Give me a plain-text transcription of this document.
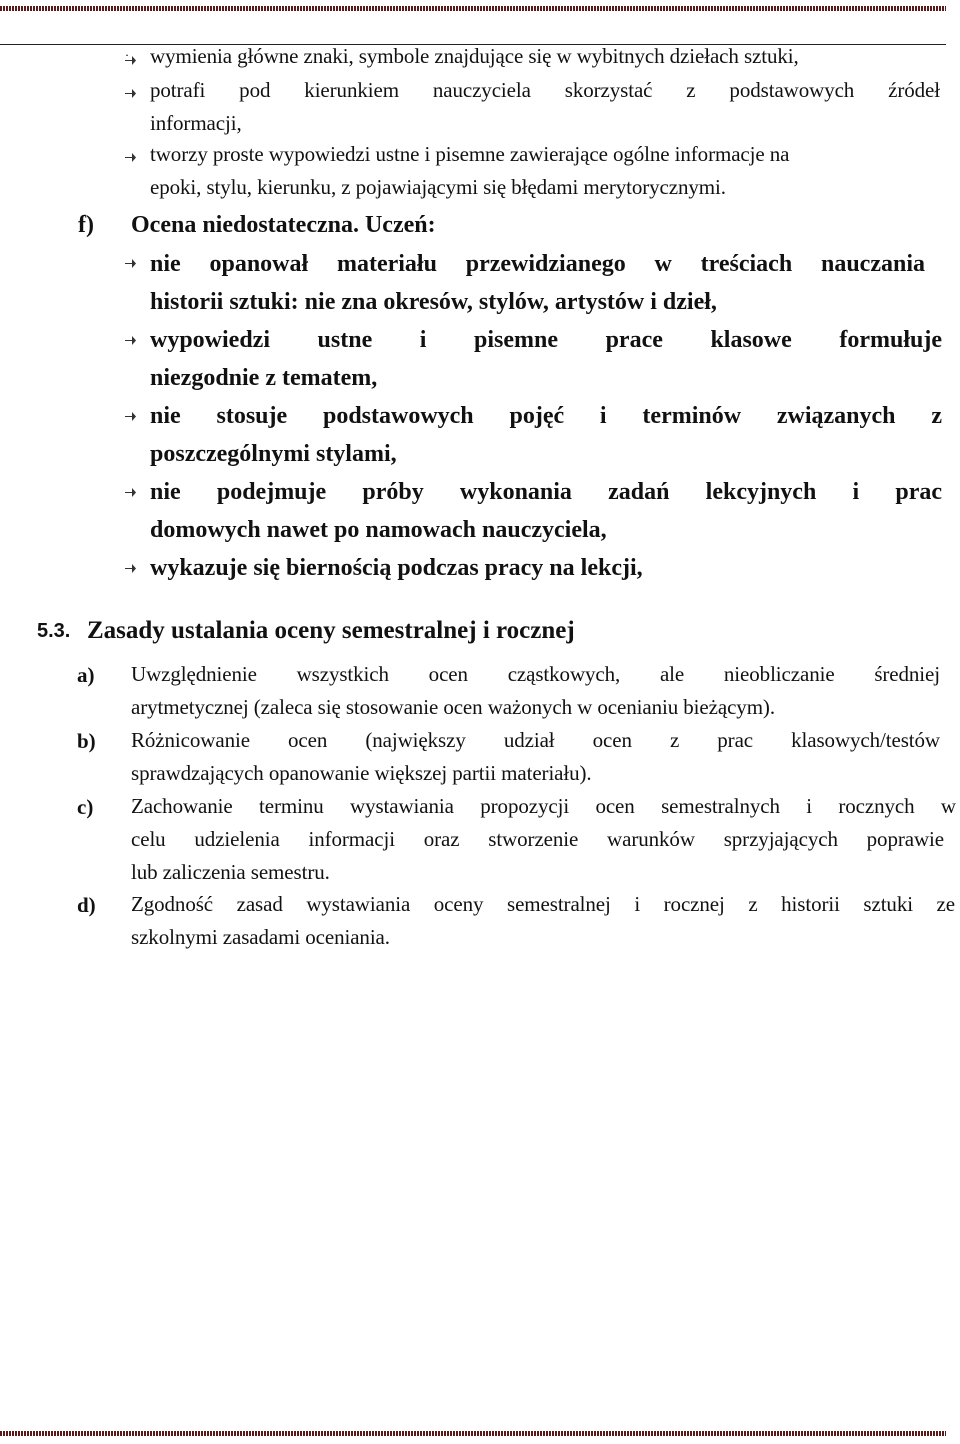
wymienia główne znaki, symbole znajdujące się w wybitnych dziełach sztuki,
potrafi pod kierunkiem nauczyciela skorzystać z podstawowych źródeł
informacji,
tworzy proste wypowiedzi ustne i pisemne zawierające ogólne informacje na
epoki, stylu, kierunku, z pojawiającymi się błędami merytorycznymi.
f) Ocena niedostateczna. Uczeń:
nie opanował materiału przewidzianego w treściach nauczania
historii sztuki: nie zna okresów, stylów, artystów i dzieł,
wypowiedzi ustne i pisemne prace klasowe formułuje
niezgodnie z tematem,
nie stosuje podstawowych pojęć i terminów związanych z
poszczególnymi stylami,
nie podejmuje próby wykonania zadań lekcyjnych i prac
domowych nawet po namowach nauczyciela,
wykazuje się biernością podczas pracy na lekcji,
5.3. Zasady ustalania oceny semestralnej i rocznej
a) Uwzględnienie wszystkich ocen cząstkowych, ale nieobliczanie średniej
arytmetycznej (zaleca się stosowanie ocen ważonych w ocenianiu bieżącym).
b) Różnicowanie ocen (największy udział ocen z prac klasowych/testów
sprawdzających opanowanie większej partii materiału).
c) Zachowanie terminu wystawiania propozycji ocen semestralnych i rocznych w
celu udzielenia informacji oraz stworzenie warunków sprzyjających poprawie
lub zaliczenia semestru.
d) Zgodność zasad wystawiania oceny semestralnej i rocznej z historii sztuki ze
szkolnymi zasadami oceniania.
